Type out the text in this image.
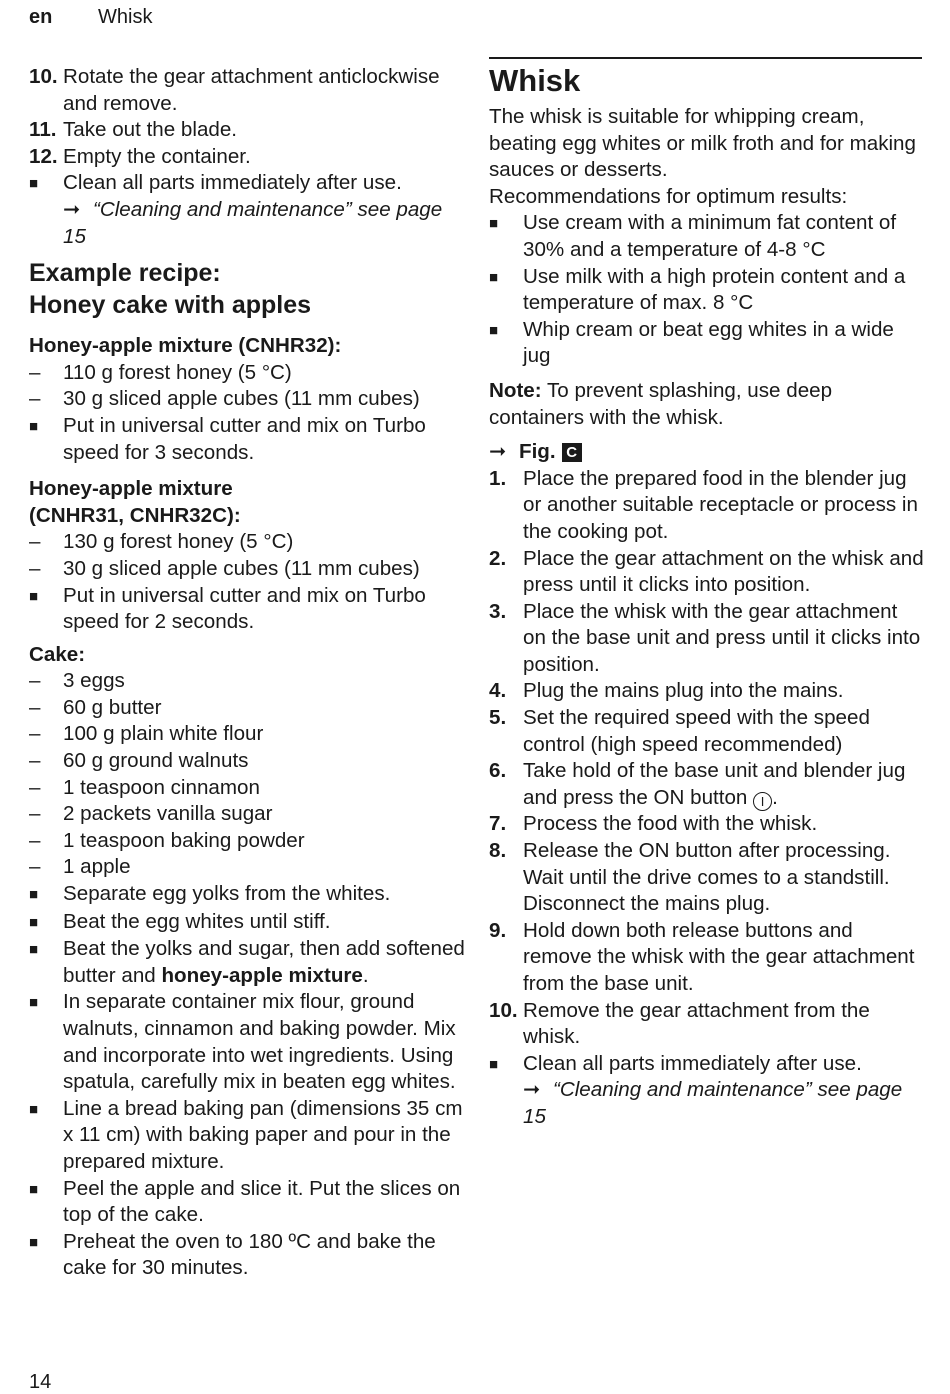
en Whisk
10. Rotate the gear attachment anticlockwise and remove.
11. Take out the blade.
12. Empty the container.
■	Clean all parts immediately after use.
➞ “Cleaning and maintenance” see page 15
Example recipe:
Honey cake with apples
Honey-apple mixture (CNHR32):
–	110 g forest honey (5 °C)
–	30 g sliced apple cubes (11 mm cubes)
■	Put in universal cutter and mix on Turbo speed for 3 seconds.
Honey-apple mixture
(CNHR31, CNHR32C):
–	130 g forest honey (5 °C)
–	30 g sliced apple cubes (11 mm cubes)
■	Put in universal cutter and mix on Turbo speed for 2 seconds.
Cake:
–	3 eggs
–	60 g butter
–	100 g plain white flour
–	60 g ground walnuts
–	1 teaspoon cinnamon
–	2 packets vanilla sugar
–	1 teaspoon baking powder
–	1 apple
■	Separate egg yolks from the whites.
■	Beat the egg whites until stiff.
■	Beat the yolks and sugar, then add softened butter and honey-apple mixture.
■	In separate container mix flour, ground walnuts, cinnamon and baking powder. Mix and incorporate into wet ingredients. Using spatula, carefully mix in beaten egg whites.
■	Line a bread baking pan (dimensions 35 cm x 11 cm) with baking paper and pour in the prepared mixture.
■	Peel the apple and slice it. Put the slices on top of the cake.
■	Preheat the oven to 180 ºC and bake the cake for 30 minutes.
Whisk

The whisk is suitable for whipping cream, beating egg whites or milk froth and for making sauces or desserts.

Recommendations for optimum results:

■	Use cream with a minimum fat content of 30% and a temperature of 4-8 °C
■	Use milk with a high protein content and a temperature of max. 8 °C
■	Whip cream or beat egg whites in a wide jug

Note: To prevent splashing, use deep containers with the whisk.

➞ Fig. C
1. Place the prepared food in the blender jug or another suitable receptacle or process in the cooking pot.
2. Place the gear attachment on the whisk and press until it clicks into position.
3. Place the whisk with the gear attachment on the base unit and press until it clicks into position.
4. Plug the mains plug into the mains.
5. Set the required speed with the speed control (high speed recommended)
6. Take hold of the base unit and blender jug and press the ON button I .
7. Process the food with the whisk.
8. Release the ON button after processing. Wait until the drive comes to a standstill. Disconnect the mains plug.
9. Hold down both release buttons and remove the whisk with the gear attachment from the base unit.
10. Remove the gear attachment from the whisk.
■	Clean all parts immediately after use.
➞ “Cleaning and maintenance” see page 15
14
